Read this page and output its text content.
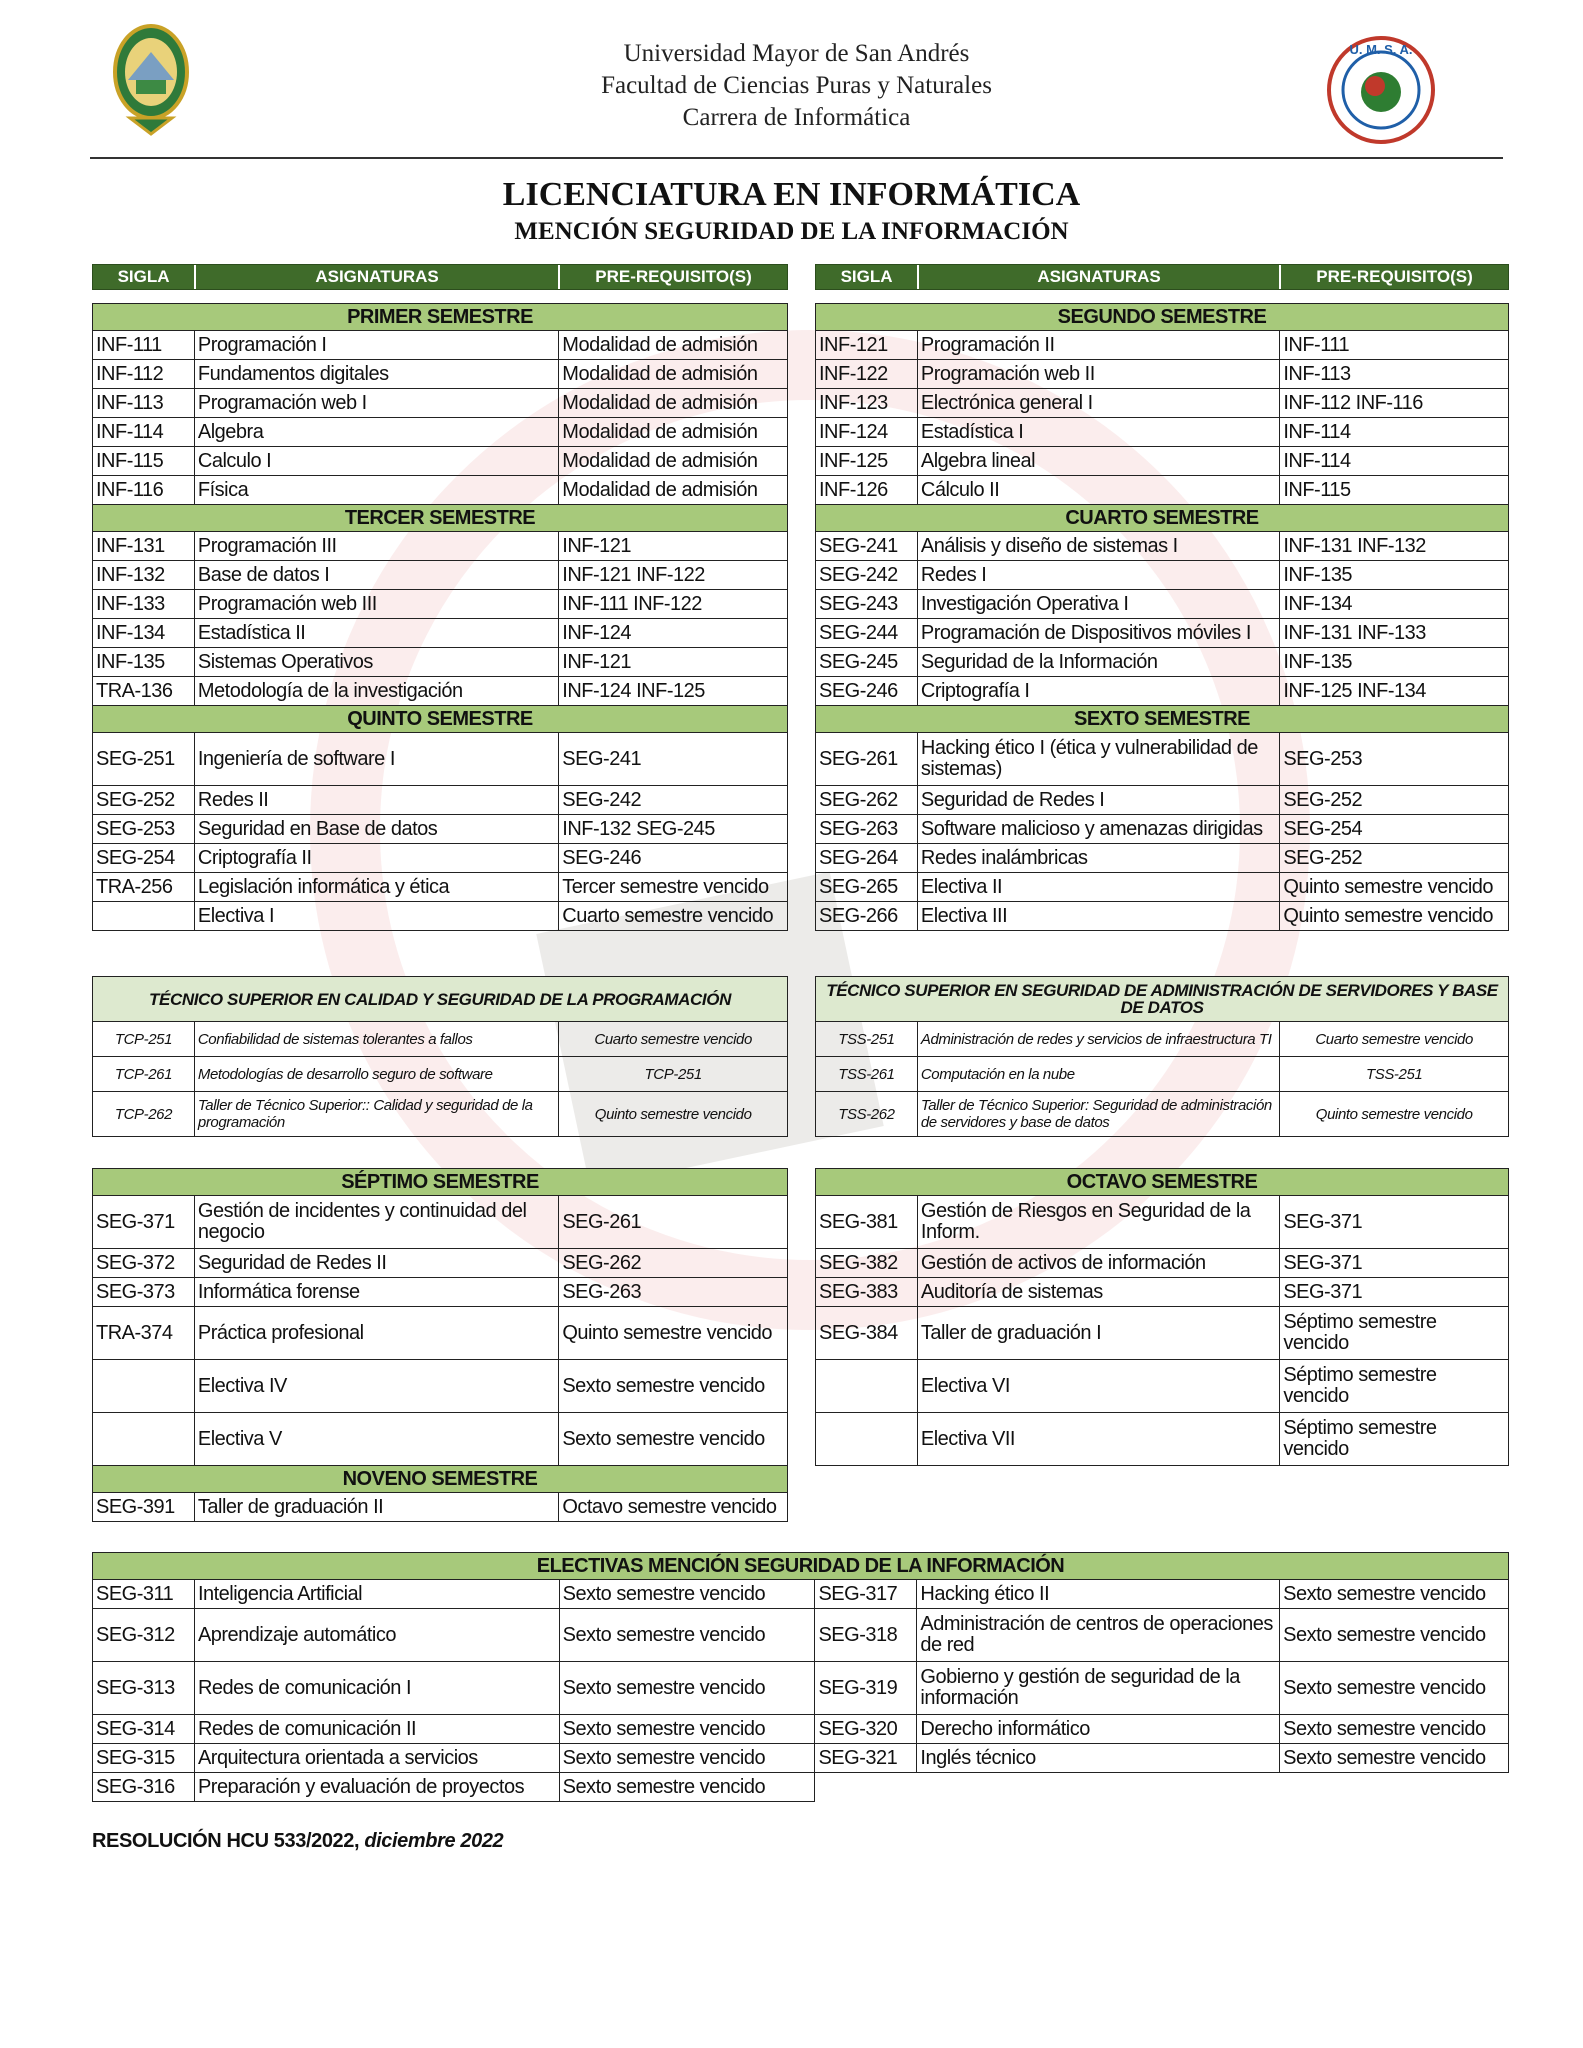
Universidad Mayor de San Andrés
Facultad de Ciencias Puras y Naturales
Carrera de Informática
U. M. S. A.
LICENCIATURA EN INFORMÁTICA
MENCIÓN SEGURIDAD DE LA INFORMACIÓN
SIGLA	ASIGNATURAS	PRE-REQUISITO(S)	SIGLA	ASIGNATURAS	PRE-REQUISITO(S)
PRIMER SEMESTRE		
INF-111	Programación I	Modalidad de admisión
INF-112	Fundamentos digitales	Modalidad de admisión
INF-113	Programación web I	Modalidad de admisión
INF-114	Algebra	Modalidad de admisión
INF-115	Calculo I	Modalidad de admisión
INF-116	Física	Modalidad de admisión
TERCER SEMESTRE		
INF-131	Programación III	INF-121
INF-132	Base de datos I	INF-121 INF-122
INF-133	Programación web III	INF-111 INF-122
INF-134	Estadística II	INF-124
INF-135	Sistemas Operativos	INF-121
TRA-136	Metodología de la investigación	INF-124 INF-125
QUINTO SEMESTRE		
SEG-251	Ingeniería de software I	SEG-241
SEG-252	Redes II	SEG-242
SEG-253	Seguridad en Base de datos	INF-132 SEG-245
SEG-254	Criptografía II	SEG-246
TRA-256	Legislación informática y ética	Tercer semestre vencido
	Electiva I	Cuarto semestre vencido
SEGUNDO SEMESTRE		
INF-121	Programación II	INF-111
INF-122	Programación web II	INF-113
INF-123	Electrónica general I	INF-112 INF-116
INF-124	Estadística I	INF-114
INF-125	Algebra lineal	INF-114
INF-126	Cálculo II	INF-115
CUARTO SEMESTRE		
SEG-241	Análisis y diseño de sistemas I	INF-131 INF-132
SEG-242	Redes I	INF-135
SEG-243	Investigación Operativa I	INF-134
SEG-244	Programación de Dispositivos móviles I	INF-131 INF-133
SEG-245	Seguridad de la Información	INF-135
SEG-246	Criptografía I	INF-125 INF-134
SEXTO SEMESTRE		
SEG-261	Hacking ético I (ética y vulnerabilidad de sistemas)	SEG-253
SEG-262	Seguridad de Redes I	SEG-252
SEG-263	Software malicioso y amenazas dirigidas	SEG-254
SEG-264	Redes inalámbricas	SEG-252
SEG-265	Electiva II	Quinto semestre vencido
SEG-266	Electiva III	Quinto semestre vencido
TÉCNICO SUPERIOR EN CALIDAD Y SEGURIDAD DE LA PROGRAMACIÓN		
TCP-251	Confiabilidad de sistemas tolerantes a fallos	Cuarto semestre vencido
TCP-261	Metodologías de desarrollo seguro de software	TCP-251
TCP-262	Taller de Técnico Superior:: Calidad y seguridad de la programación	Quinto semestre vencido
TÉCNICO SUPERIOR EN SEGURIDAD DE ADMINISTRACIÓN DE SERVIDORES Y BASE DE DATOS		
TSS-251	Administración de redes y servicios de infraestructura TI	Cuarto semestre vencido
TSS-261	Computación en la nube	TSS-251
TSS-262	Taller de Técnico Superior: Seguridad de administración de servidores y base de datos	Quinto semestre vencido
SÉPTIMO SEMESTRE		
SEG-371	Gestión de incidentes y continuidad del negocio	SEG-261
SEG-372	Seguridad de Redes II	SEG-262
SEG-373	Informática forense	SEG-263
TRA-374	Práctica profesional	Quinto semestre vencido
	Electiva IV	Sexto semestre vencido
	Electiva V	Sexto semestre vencido
NOVENO SEMESTRE		
SEG-391	Taller de graduación II	Octavo semestre vencido
OCTAVO SEMESTRE		
SEG-381	Gestión de Riesgos en Seguridad de la Inform.	SEG-371
SEG-382	Gestión de activos de información	SEG-371
SEG-383	Auditoría de sistemas	SEG-371
SEG-384	Taller de graduación I	Séptimo semestre vencido
	Electiva VI	Séptimo semestre vencido
	Electiva VII	Séptimo semestre vencido
ELECTIVAS MENCIÓN SEGURIDAD DE LA INFORMACIÓN					
SEG-311	Inteligencia Artificial	Sexto semestre vencido	SEG-317	Hacking ético II	Sexto semestre vencido
SEG-312	Aprendizaje automático	Sexto semestre vencido	SEG-318	Administración de centros de operaciones de red	Sexto semestre vencido
SEG-313	Redes de comunicación I	Sexto semestre vencido	SEG-319	Gobierno y gestión de seguridad de la información	Sexto semestre vencido
SEG-314	Redes de comunicación II	Sexto semestre vencido	SEG-320	Derecho informático	Sexto semestre vencido
SEG-315	Arquitectura orientada a servicios	Sexto semestre vencido	SEG-321	Inglés técnico	Sexto semestre vencido
SEG-316	Preparación y evaluación de proyectos	Sexto semestre vencido			
RESOLUCIÓN HCU 533/2022, diciembre 2022
